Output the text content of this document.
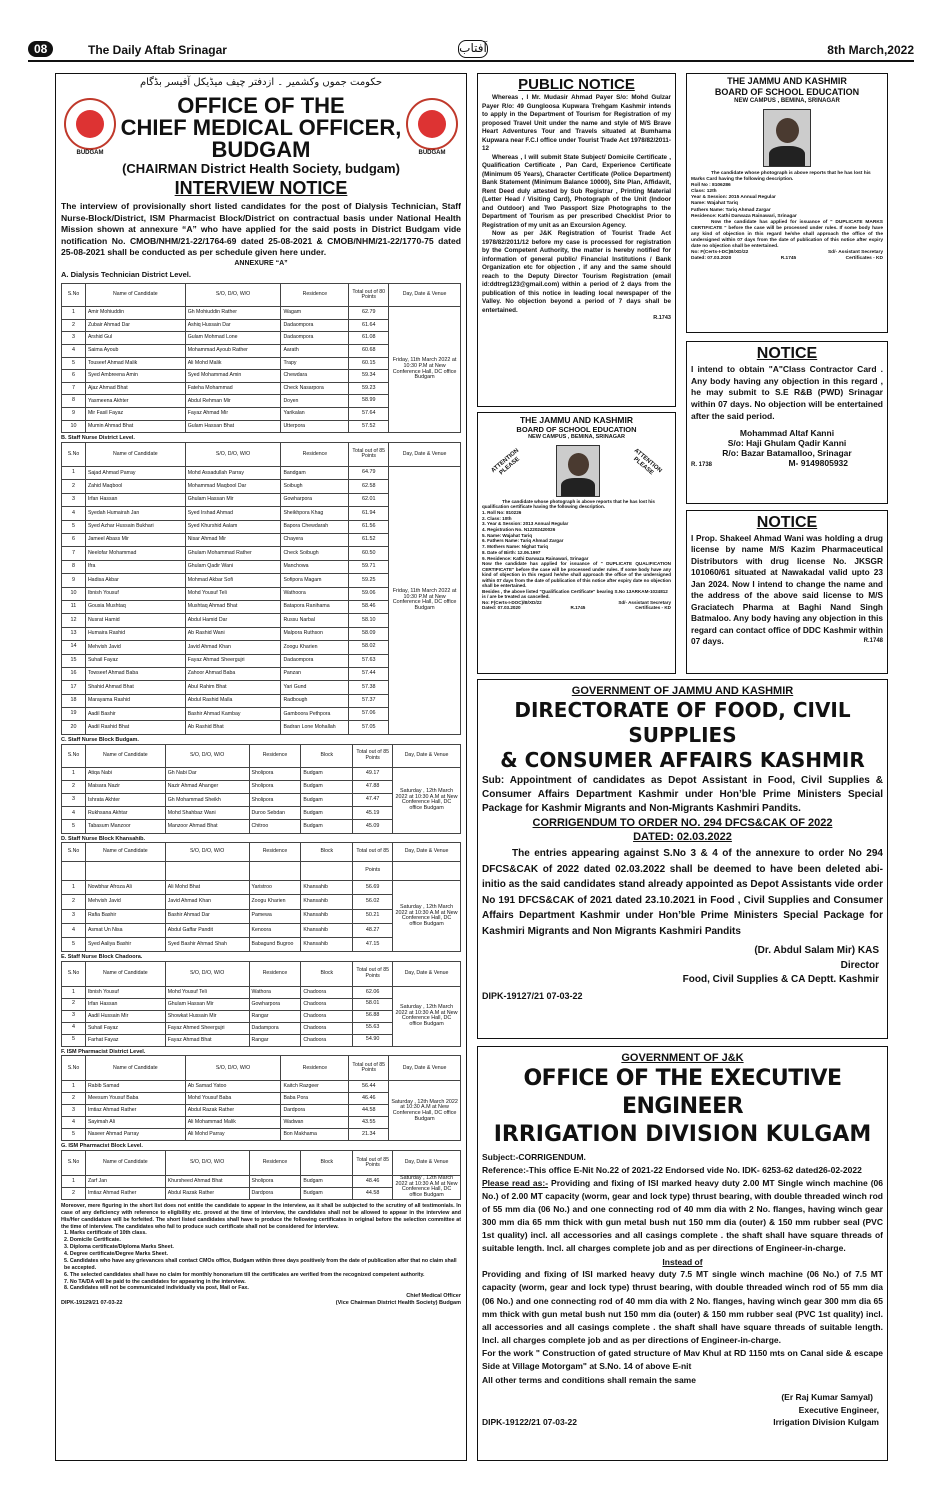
08	The Daily Aftab Srinagar	آفتاب	8th March,2022
حکومت جموں وکشمیر ۔ ازدفتر چیف میڈیکل آفیسر بڈگام
BUDGAM	BUDGAM
OFFICE OF THE
CHIEF MEDICAL OFFICER,
BUDGAM
(CHAIRMAN District Health Society, budgam)
INTERVIEW NOTICE

The interview of provisionally short listed candidates for the post of Dialysis Technician, Staff Nurse-Block/District, ISM Pharmacist Block/District on contractual basis under National Health Mission shown at annexure “A” who have applied for the said posts in District Budgam vide notification No. CMOB/NHM/21-22/1764-69 dated 25-08-2021 & CMOB/NHM/21-22/1770-75 dated 25-08-2021 shall be conducted as per schedule given here under.

ANNEXURE “A”
A. Dialysis Technician District Level.
S.No	Name of Candidate	S/O, D/O, W/O	Residence	Total out of 80 Points	Day, Date & Venue
1	Amir Mohiuddin	Gh Mohiuddin Rather	Wagam	62.79	Friday, 11th March 2022 at 10:30 P.M at New Conference Hall, DC office Budgam
2	Zubair Ahmad Dar	Ashiq Hussain Dar	Dadaompora	61.64	
3	Arshid Gul	Gulam Mohmad Lone	Dadaompora	61.08	
4	Saima Ayoub	Mohammad Ayoub Rather	Aarath	60.68	
5	Touseef Ahmad Malik	Ali Mohd Malik	Trapy	60.15	
6	Syed Ambreena Amin	Syed Mohammad Amin	Chewdara	59.34	
7	Ajaz Ahmad Bhat	Fateha Mohammad	Check Nasarpora	59.23	
8	Yasmeena Akhter	Abdul Rehman Mir	Doyen	58.99	
9	Mir Fasil Fayaz	Fayaz Ahmad Mir	Yarikalan	57.64	
10	Mumin Ahmad Bhat	Gulam Hassan Bhat	Utterpora	57.52	
B. Staff Nurse District Level.
S.No	Name of Candidate	S/O, D/O, W/O	Residence	Total out of 85 Points	Day, Date & Venue
1	Sajad Ahmad Parray	Mohd Assadullah Parray	Bandgam	64.79	Friday, 11th March 2022 at 10:30 P.M at New Conference Hall, DC office Budgam
2	Zahid Maqbool	Mohammad Maqbool Dar	Soibugh	62.58	
3	Irfan Hassan	Ghulam Hassan Mir	Gowharpora	62.01	
4	Syedah Humairah Jan	Syed Irshad Ahmad	Sheikhpora Khag	61.94	
5	Syed Azhar Hussain Bukhari	Syed Khurshid Aalam	Bapora Chewdarah	61.56	
6	Jameel Abass Mir	Nisar Ahmad Mir	Chayera	61.52	
7	Neelofar Mohammad	Ghulam Mohammad Rather	Check Soibugh	60.50	
8	Ifra	Ghulam Qadir Wani	Manchowa	59.71	
9	Hadisa Akbar	Mohmad Akbar Sofi	Sofipora Magam	59.25	
10	Ibnish Yousuf	Mohd Yousuf Teli	Wathoora	59.06	
11	Gousia Mushtaq	Mushtaq Ahmad Bhat	Batapora Ranihama	58.46	
12	Nusrat Hamid	Abdul Hamid Dar	Russu Narbal	58.10	
13	Humaira Rashid	Ab Rashid Wani	Malpora Ruthson	58.09	
14	Mehvish Javid	Javid Ahmad Khan	Zoogu Kharien	58.02	
15	Suhail Fayaz	Fayaz Ahmad Sheergujri	Dadaompora	57.63	
16	Towseef Ahmad Baba	Zahoor Ahmad Baba	Panzan	57.44	
17	Shahid Ahmad Bhat	Abul Rahim Bhat	Yari Gund	57.38	
18	Marayama Rashid	Abdul Rashid Malla	Radbough	57.37	
19	Aadil Bashir	Bashir Ahmad Kambay	Gamboora Pethpora	57.06	
20	Aadil Rashid Bhat	Ab Rashid Bhat	Badran Lone Mohallah	57.05	
C. Staff Nurse Block Budgam.
S.No	Name of Candidate	S/O, D/O, W/O	Residence	Block	Total out of 85 Points	Day, Date & Venue
1	Atiqa Nabi	Gh Nabi Dar	Sholipora	Budgam	49.17	Saturday , 12th March 2022 at 10:30 A.M at New Conference Hall, DC office Budgam
2	Maisara Nazir	Nazir Ahmad Ahanger	Sholipora	Budgam	47.88	
3	Ishrata Akhter	Gh Mohammad Sheikh	Sholipora	Budgam	47.47	
4	Rukhsana Akhtar	Mohd Shahbaz Wani	Duroo Sebdan	Budgam	45.19	
5	Tabasum Manzoor	Manzoor Ahmad Bhat	Chitroo	Budgam	45.09	
D. Staff Nurse Block Khansahib.
S.No	Name of Candidate	S/O, D/O, W/O	Residence	Block	Total out of 85	Day, Date & Venue
					Points	
1	Nowbhar Afroza Ali	Ali Mohd Bhat	Yaristroo	Khansahib	56.69	Saturday , 12th March 2022 at 10:30 A.M at New Conference Hall, DC office Budgam
2	Mehvish Javid	Javid Ahmad Khan	Zoogu Kharien	Khansahib	56.02	
3	Rafia Bashir	Bashir Ahmad Dar	Pamewa	Khansahib	50.21	
4	Asmat Un Nisa	Abdul Gaffar Pandit	Kenoora	Khansahib	48.27	
5	Syed Aaliya Bashir	Syed Bashir Ahmad Shah	Babagund Bugroo	Khansahib	47.15	
E. Staff Nurse Block Chadoora.
S.No	Name of Candidate	S/O, D/O, W/O	Residence	Block	Total out of 85 Points	Day, Date & Venue
1	Ibnish Yousuf	Mohd Yousuf Teli	Wathora	Chadoora	62.06	Saturday , 12th March 2022 at 10:30 A.M at New Conference Hall, DC office Budgam
2	Irfan Hassan	Ghulam Hassan Mir	Gowharpora	Chadoora	58.01	
3	Aadil Hussain Mir	Showkat Hussain Mir	Rangar	Chadoora	56.88	
4	Suhail Fayaz	Fayaz Ahmed Sheergujri	Dadampora	Chadoora	55.63	
5	Farhat Fayaz	Fayaz Ahmad Bhat	Rangar	Chadoora	54.90	
F. ISM Pharmacist District Level.
S.No	Name of Candidate	S/O, D/O, W/O	Residence	Total out of 85 Points	Day, Date & Venue
1	Rabib Samad	Ab Samad Yatoo	Kaitch Razgeer	56.44	Saturday , 12th March 2022 at 10:30 A.M at New Conference Hall, DC office Budgam
2	Meesum Yousuf Baba	Mohd Yousuf Baba	Baba Pora	46.46	
3	Imtiaz Ahmad Rather	Abdul Razak Rather	Dardpora	44.58	
4	Sayimah Ali	Ali Mohammad Malik	Wadwan	43.55	
5	Naseer Ahmad Parray	Ali Mohd Parray	Bon Makhama	21.34	
G. ISM Pharmacist Block Level.
S.No	Name of Candidate	S/O, D/O, W/O	Residence	Block	Total out of 85 Points	Day, Date & Venue
1	Zarf Jan	Khursheed Ahmad Bhat	Sholipora	Budgam	48.46	Saturday , 12th March 2022 at 10:30 A.M at New Conference Hall, DC office Budgam
2	Imtiaz Ahmad Rather	Abdul Razak Rather	Dardpora	Budgam	44.58	

Moreover, mere figuring in the short list does not entitle the candidate to appear in the interview, as it shall be subjected to the scrutiny of all testimonials. In case of any deficiency with reference to eligibility etc. proved at the time of interview, the candidates shall not be allowed to appear in the interview and His/Her candidature will be forfeited. The short listed candidates shall have to produce the following certificates in original before the selection committee at the time of interview. The candidates who fail to produce such certificate shall not be considered for interview.

1. Marks certificate of 10th class.
2. Domicile Certificate.
3. Diploma certificate/Diploma Marks Sheet.
4. Degree certificate/Degree Marks Sheet.
5. Candidates who have any grievances shall contact CMOs office, Budgam within three days positively from the date of publication after that no claim shall be accepted.
6. The selected candidates shall have no claim for monthly honorarium till the certificates are verified from the recognized competent authority.
7. No TA/DA will be paid to the candidates for appearing in the interview.
8. Candidates will not be communicated individually via post, Mail or Fax.
Chief Medical Officer
DIPK-19129/21 07-03-22	(Vice Chairman District Health Society) Budgam
PUBLIC NOTICE

Whereas , I Mr. Mudasir Ahmad Payer S/o: Mohd Gulzar Payer R/o: 49 Gungloosa Kupwara Trehgam Kashmir intends to apply in the Department of Tourism for Registration of my proposed Travel Unit under the name and style of M/S Brave Heart Adventures Tour and Travels situated at Bumhama Kupwara near F.C.I office under Tourist Trade Act 1978/82/2011-12

Whereas , I will submit State Subject/ Domicile Certificate , Qualification Certificate , Pan Card, Experience Certificate (Minimum 05 Years), Character Certificate (Police Department) Bank Statement (Minimum Balance 10000), Site Plan, Affidavit, Rent Deed duly attested by Sub Registrar , Printing Material (Letter Head / Visiting Card), Photograph of the Unit (Indoor and Outdoor) and Two Passport Size Photographs to the Department of Tourism as per prescribed Checklist Prior to Registration of my unit as an Excursion Agency.

Now as per J&K Registration of Tourist Trade Act 1978/82/2011/12 before my case is processed for registration by the Competent Authority, the matter is hereby notified for information of general public/ Financial Institutions / Bank Organization etc for objection , if any and the same should reach to the Deputy Director Tourism Registration (email id:ddtreg123@gmail.com) within a period of 2 days from the publication of this notice in leading local newspaper of the Valley. No objection beyond a period of 7 days shall be entertained.

R.1743
THE JAMMU AND KASHMIR
BOARD OF SCHOOL EDUCATION
NEW CAMPUS , BEMINA, SRINAGAR
ATTENTION PLEASE	ATTENTION PLEASE

The candidate whose photograph is above reports that he has lost his qualification certificate having the following description.

1. Roll No: 810226
2. Class: 10th
3. Year & Session: 2013 Annual Regular
4. Registration No. N12202420026
5. Name: Wajahat Tariq
6. Fathers Name: Tariq Ahmad Zargar
7. Mothers Name: Nighat Tariq
8. Date of Birth: 12.06.1997
9. Residence: Kathi Darwaza Rainawari, Srinagar

Now the candidate has applied for issuance of " DUPLICATE QUALIFICATION CERTIFICATE" before the case will be processed under rules. If some body have any kind of objection in this regard he/she shall approach the office of the undersigned within 07 days from the date of publication of this notice after expiry date no objection shall be entertained.

Besides , the above listed "Qualification Certificate" bearing S.No 13ARKAM-1024812 is / are be treated as cancelled.

No: F(Certs-I-DOC)/B/XD/22	Sd/- Assistant Secretary
Dated: 07.03.2020	R.1745	Certificates - KD
THE JAMMU AND KASHMIR
BOARD OF SCHOOL EDUCATION
NEW CAMPUS , BEMINA, SRINAGAR

The candidate whose photograph is above reports that he has lost his Marks Card having the following description.

Roll No : 8106286
Class: 12th
Year & Session: 2015 Annual Regular
Name: Wajahat Tariq
Fathers Name: Tariq Ahmad Zargar
Residence: Kathi Darwaza Rainawari, Srinagar

Now the candidate has applied for issuance of " DUPLICATE MARKS CERTIFICATE " before the case will be processed under rules. If some body have any kind of objection in this regard he/she shall approach the office of the undersigned within 07 days from the date of publication of this notice after expiry date no objection shall be entertained.

No: F(Certs-I-DC)B/XD/22	Sd/- Assistant Secretary
Dated: 07.03.2020	R.1745	Certificates - KD
NOTICE

I intend to obtain "A"Class Contractor Card . Any body having any objection in this regard , he may submit to S.E R&B (PWD) Srinagar within 07 days. No objection will be entertained after the said period.

Mohammad Altaf Kanni
S/o: Haji Ghulam Qadir Kanni
R/o: Bazar Batamalloo, Srinagar
R. 1738	M- 9149805932
NOTICE

I Prop. Shakeel Ahmad Wani was holding a drug license by name M/S Kazim Pharmaceutical Distributors with drug license No. JKSGR 101060/61 situated at Nawakadal valid upto 23 Jan 2024. Now I intend to change the name and the address of the above said license to M/S Graciatech Pharma at Baghi Nand Singh Batmaloo. Any body having any objection in this regard can contact office of DDC Kashmir within 07 days.	R.1748
GOVERNMENT OF JAMMU AND KASHMIR
DIRECTORATE OF FOOD, CIVIL SUPPLIES
& CONSUMER AFFAIRS KASHMIR

Sub: Appointment of candidates as Depot Assistant in Food, Civil Supplies & Consumer Affairs Department Kashmir under Hon’ble Prime Ministers Special Package for Kashmir Migrants and Non-Migrants Kashmiri Pandits.

CORRIGENDUM TO ORDER NO. 294 DFCS&CAK OF 2022
DATED: 02.03.2022

The entries appearing against S.No 3 & 4 of the annexure to order No 294 DFCS&CAK of 2022 dated 02.03.2022 shall be deemed to have been deleted abi-initio as the said candidates stand already appointed as Depot Assistants vide order No 191 DFCS&CAK of 2021 dated 23.10.2021 in Food , Civil Supplies and Consumer Affairs Department Kashmir under Hon’ble Prime Ministers Special Package for Kashmiri Migrants and Non Migrants Kashmiri Pandits

(Dr. Abdul Salam Mir) KAS
Director
Food, Civil Supplies & CA Deptt. Kashmir
DIPK-19127/21 07-03-22
GOVERNMENT OF J&K
OFFICE OF THE EXECUTIVE ENGINEER
IRRIGATION DIVISION KULGAM
Subject:-CORRIGENDUM.
Reference:-This office E-Nit No.22 of 2021-22 Endorsed vide No. IDK- 6253-62 dated26-02-2022

Please read as:- Providing and fixing of ISI marked heavy duty 2.00 MT Single winch machine (06 No.) of 2.00 MT capacity (worm, gear and lock type) thrust bearing, with double threaded winch rod of 55 mm dia (06 No.) and one connecting rod of 40 mm dia with 2 No. flanges, having winch gear 300 mm dia 65 mm thick with gun metal bush nut 150 mm dia (outer) & 150 mm rubber seal (PVC 1st quality) incl. all accessories and all casings complete . the shaft shall have square threads of suitable length. Incl. all charges complete job and as per directions of Engineer-in-charge.

Instead of

Providing and fixing of ISI marked heavy duty 7.5 MT single winch machine (06 No.) of 7.5 MT capacity (worm, gear and lock type) thrust bearing, with double threaded winch rod of 55 mm dia (06 No.) and one connecting rod of 40 mm dia with 2 No. flanges, having winch gear 300 mm dia 65 mm thick with gun metal bush nut 150 mm dia (outer) & 150 mm rubber seal (PVC 1st quality) incl. all accessories and all casings complete . the shaft shall have square threads of suitable length. Incl. all charges complete job and as per directions of Engineer-in-charge.

For the work " Construction of gated structure of Mav Khul at RD 1150 mts on Canal side & escape Side at Village Motorgam" at S.No. 14 of above E-nit

All other terms and conditions shall remain the same

(Er Raj Kumar Samyal)
Executive Engineer,
DIPK-19122/21 07-03-22	Irrigation Division Kulgam
